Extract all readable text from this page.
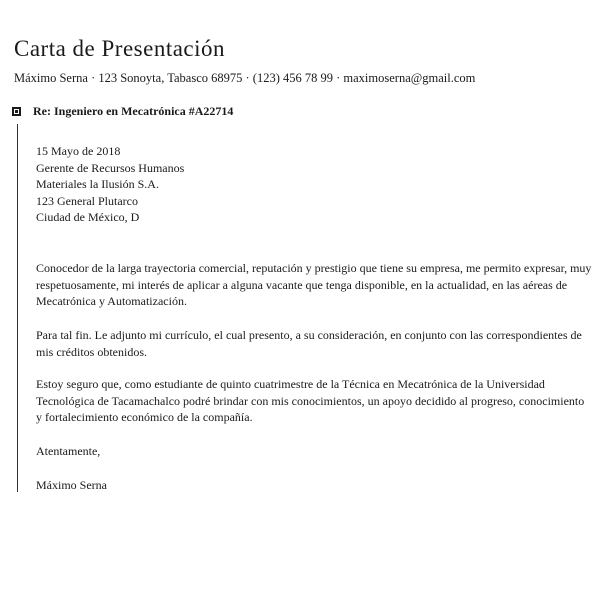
Carta de Presentación
Máximo Serna · 123 Sonoyta, Tabasco 68975 · (123) 456 78 99 · maximoserna@gmail.com
Re: Ingeniero en Mecatrónica #A22714
15 Mayo de 2018
Gerente de Recursos Humanos
Materiales la Ilusión S.A.
123 General Plutarco
Ciudad de México, D

Conocedor de la larga trayectoria comercial, reputación y prestigio que tiene su empresa, me permito expresar, muy respetuosamente, mi interés de aplicar a alguna vacante que tenga disponible, en la actualidad, en las aéreas de Mecatrónica y Automatización.

Para tal fin. Le adjunto mi currículo, el cual presento, a su consideración, en conjunto con las correspondientes de mis créditos obtenidos.

Estoy seguro que, como estudiante de quinto cuatrimestre de la Técnica en Mecatrónica de la Universidad Tecnológica de Tacamachalco podré brindar con mis conocimientos, un apoyo decidido al progreso, conocimiento y fortalecimiento económico de la compañía.

Atentamente,
Máximo Serna
